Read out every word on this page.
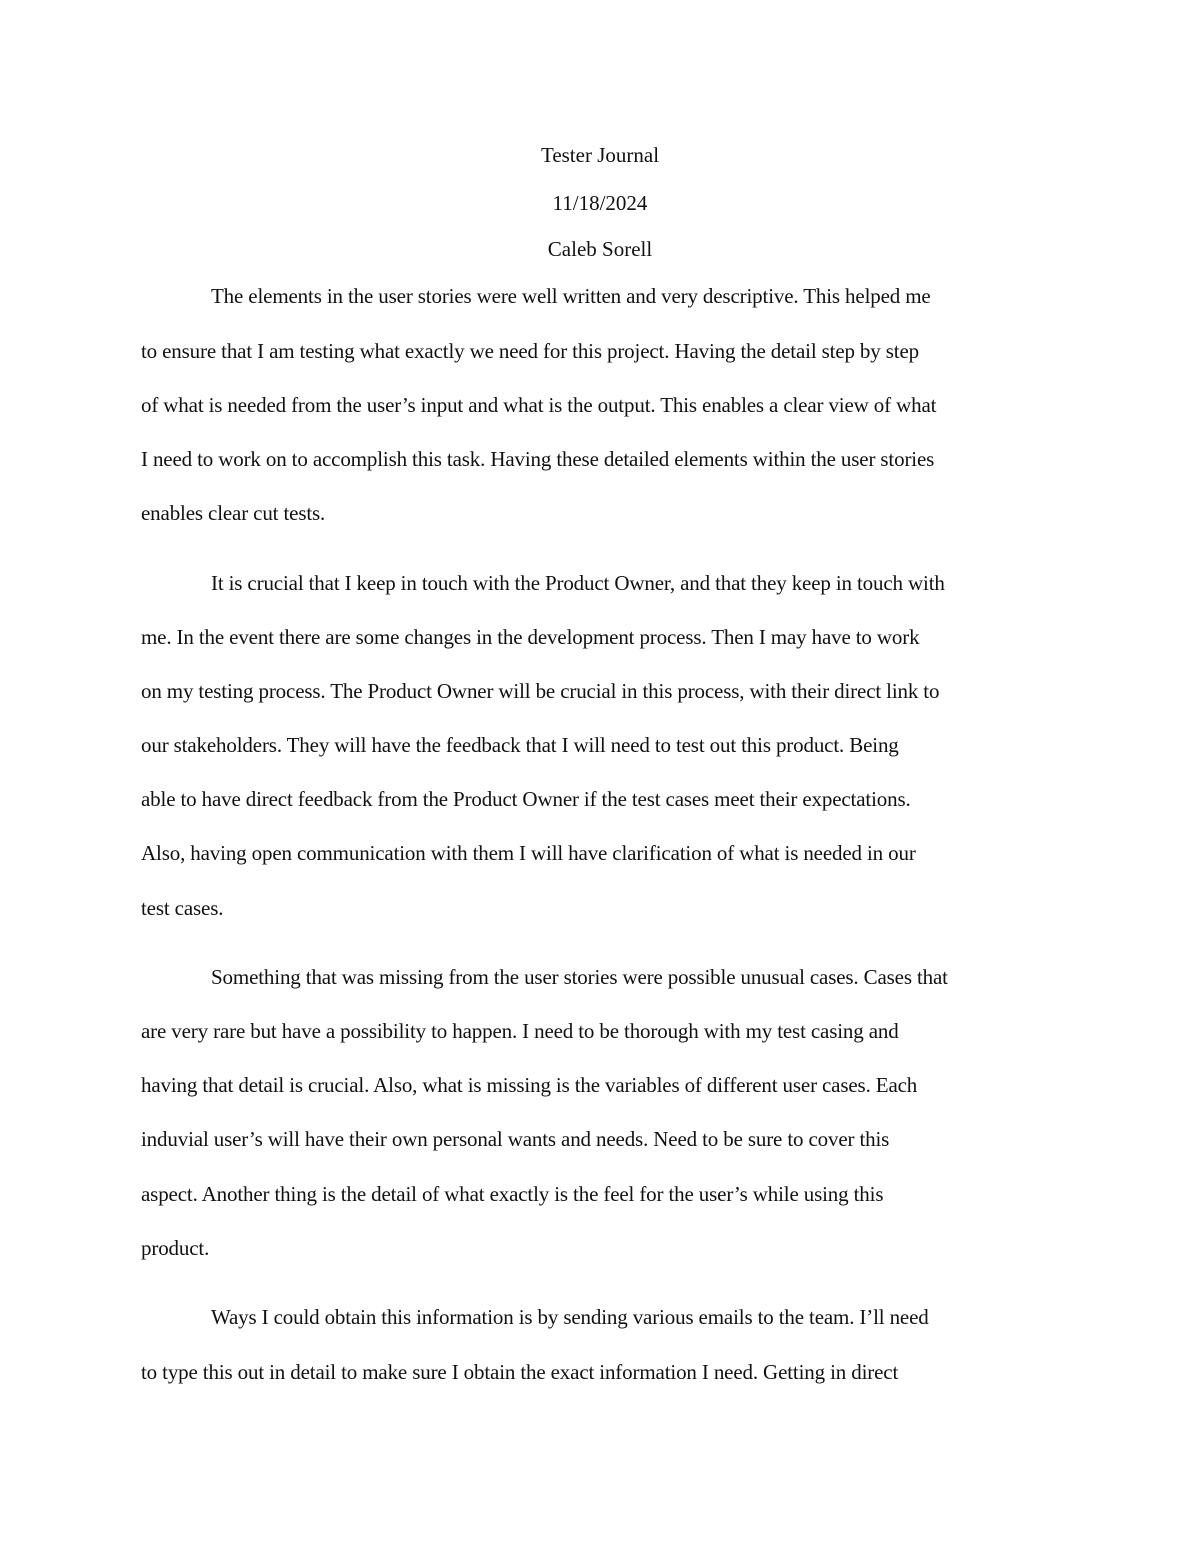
Tester Journal
11/18/2024
Caleb Sorell
The elements in the user stories were well written and very descriptive. This helped me
to ensure that I am testing what exactly we need for this project. Having the detail step by step
of what is needed from the user’s input and what is the output. This enables a clear view of what
I need to work on to accomplish this task. Having these detailed elements within the user stories
enables clear cut tests.
It is crucial that I keep in touch with the Product Owner, and that they keep in touch with
me. In the event there are some changes in the development process. Then I may have to work
on my testing process. The Product Owner will be crucial in this process, with their direct link to
our stakeholders. They will have the feedback that I will need to test out this product. Being
able to have direct feedback from the Product Owner if the test cases meet their expectations.
Also, having open communication with them I will have clarification of what is needed in our
test cases.
Something that was missing from the user stories were possible unusual cases. Cases that
are very rare but have a possibility to happen. I need to be thorough with my test casing and
having that detail is crucial. Also, what is missing is the variables of different user cases. Each
induvial user’s will have their own personal wants and needs. Need to be sure to cover this
aspect. Another thing is the detail of what exactly is the feel for the user’s while using this
product.
Ways I could obtain this information is by sending various emails to the team. I’ll need
to type this out in detail to make sure I obtain the exact information I need. Getting in direct
